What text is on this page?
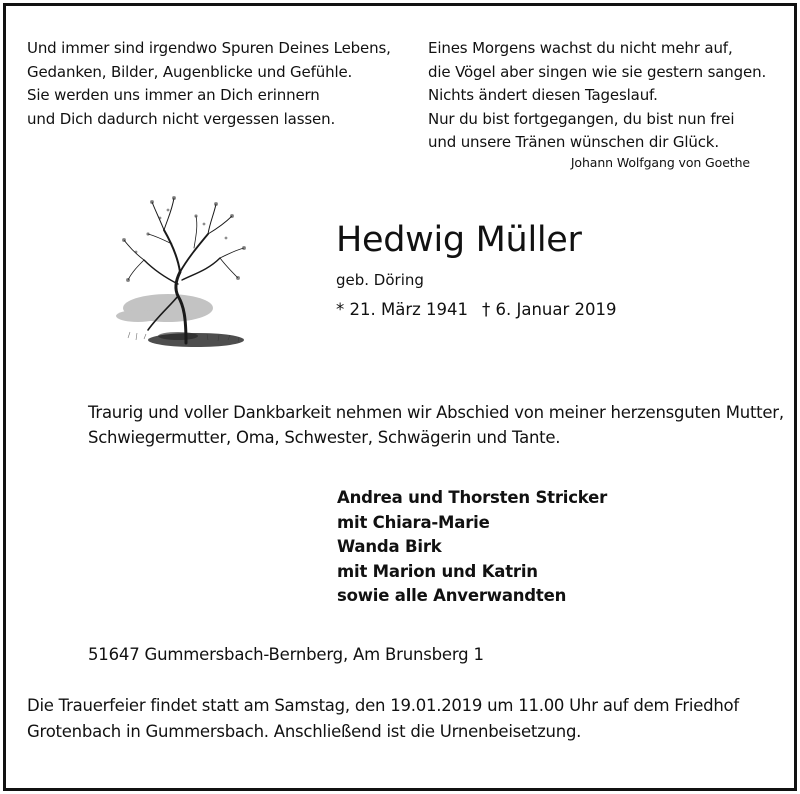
Und immer sind irgendwo Spuren Deines Lebens,
Gedanken, Bilder, Augenblicke und Gefühle.
Sie werden uns immer an Dich erinnern
und Dich dadurch nicht vergessen lassen.
Eines Morgens wachst du nicht mehr auf,
die Vögel aber singen wie sie gestern sangen.
Nichts ändert diesen Tageslauf.
Nur du bist fortgegangen, du bist nun frei
und unsere Tränen wünschen dir Glück.
Johann Wolfgang von Goethe
Hedwig Müller
geb. Döring
* 21. März 1941 † 6. Januar 2019
Traurig und voller Dankbarkeit nehmen wir Abschied von meiner herzensguten Mutter,
Schwiegermutter, Oma, Schwester, Schwägerin und Tante.
Andrea und Thorsten Stricker
mit Chiara-Marie
Wanda Birk
mit Marion und Katrin
sowie alle Anverwandten
51647 Gummersbach-Bernberg, Am Brunsberg 1
Die Trauerfeier findet statt am Samstag, den 19.01.2019 um 11.00 Uhr auf dem Friedhof
Grotenbach in Gummersbach. Anschließend ist die Urnenbeisetzung.
